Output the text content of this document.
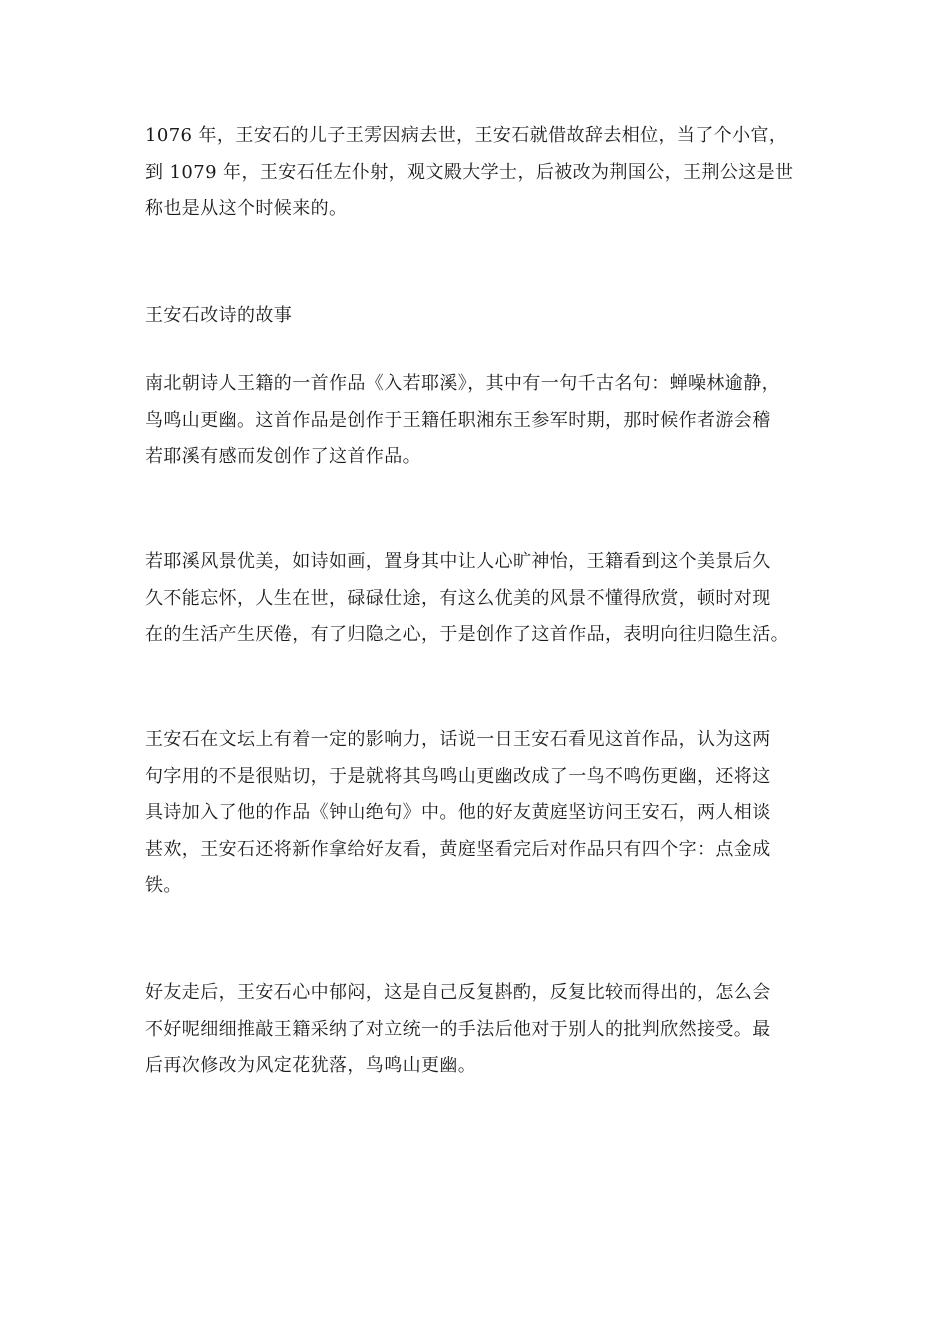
1076 年，王安石的儿子王雱因病去世，王安石就借故辞去相位，当了个小官，
到 1079 年，王安石任左仆射，观文殿大学士，后被改为荆国公，王荆公这是世
称也是从这个时候来的。

王安石改诗的故事

南北朝诗人王籍的一首作品《入若耶溪》，其中有一句千古名句：蝉噪林逾静，
鸟鸣山更幽。这首作品是创作于王籍任职湘东王参军时期，那时候作者游会稽
若耶溪有感而发创作了这首作品。

若耶溪风景优美，如诗如画，置身其中让人心旷神怡，王籍看到这个美景后久
久不能忘怀，人生在世，碌碌仕途，有这么优美的风景不懂得欣赏，顿时对现
在的生活产生厌倦，有了归隐之心，于是创作了这首作品，表明向往归隐生活。

王安石在文坛上有着一定的影响力，话说一日王安石看见这首作品，认为这两
句字用的不是很贴切，于是就将其鸟鸣山更幽改成了一鸟不鸣伤更幽，还将这
具诗加入了他的作品《钟山绝句》中。他的好友黄庭坚访问王安石，两人相谈
甚欢，王安石还将新作拿给好友看，黄庭坚看完后对作品只有四个字：点金成
铁。

好友走后，王安石心中郁闷，这是自己反复斟酌，反复比较而得出的，怎么会
不好呢细细推敲王籍采纳了对立统一的手法后他对于别人的批判欣然接受。最
后再次修改为风定花犹落，鸟鸣山更幽。
